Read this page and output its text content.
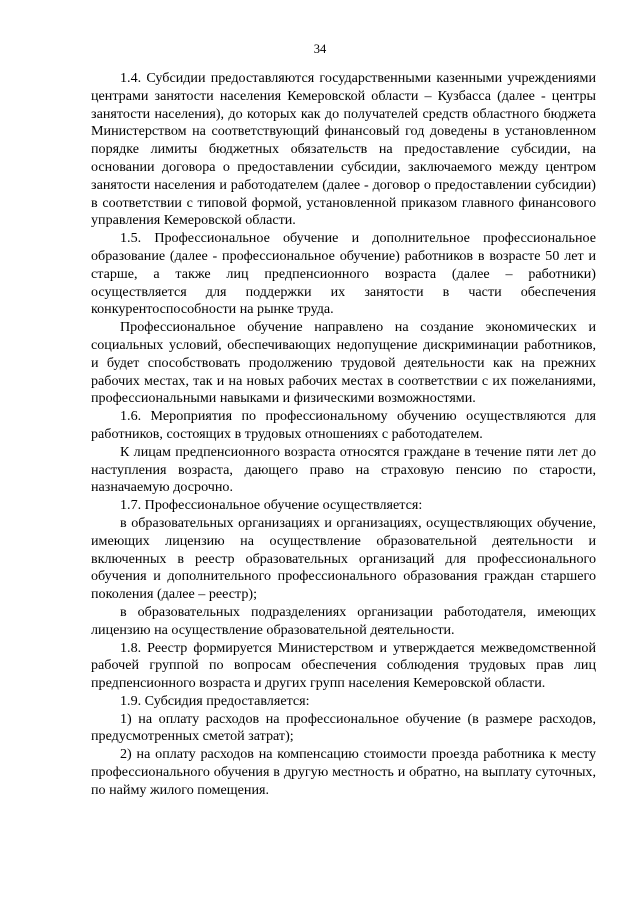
34

1.4. Субсидии предоставляются государственными казенными учреждениями центрами занятости населения Кемеровской области – Кузбасса (далее - центры занятости населения), до которых как до получателей средств областного бюджета Министерством на соответствующий финансовый год доведены в установленном порядке лимиты бюджетных обязательств на предоставление субсидии, на основании договора о предоставлении субсидии, заключаемого между центром занятости населения и работодателем (далее - договор о предоставлении субсидии) в соответствии с типовой формой, установленной приказом главного финансового управления Кемеровской области.

1.5. Профессиональное обучение и дополнительное профессиональное образование (далее - профессиональное обучение) работников в возрасте 50 лет и старше, а также лиц предпенсионного возраста (далее – работники) осуществляется для поддержки их занятости в части обеспечения конкурентоспособности на рынке труда.

Профессиональное обучение направлено на создание экономических и социальных условий, обеспечивающих недопущение дискриминации работников, и будет способствовать продолжению трудовой деятельности как на прежних рабочих местах, так и на новых рабочих местах в соответствии с их пожеланиями, профессиональными навыками и физическими возможностями.

1.6. Мероприятия по профессиональному обучению осуществляются для работников, состоящих в трудовых отношениях с работодателем.

К лицам предпенсионного возраста относятся граждане в течение пяти лет до наступления возраста, дающего право на страховую пенсию по старости, назначаемую досрочно.

1.7. Профессиональное обучение осуществляется:

в образовательных организациях и организациях, осуществляющих обучение, имеющих лицензию на осуществление образовательной деятельности и включенных в реестр образовательных организаций для профессионального обучения и дополнительного профессионального образования граждан старшего поколения (далее – реестр);

в образовательных подразделениях организации работодателя, имеющих лицензию на осуществление образовательной деятельности.

1.8. Реестр формируется Министерством и утверждается межведомственной рабочей группой по вопросам обеспечения соблюдения трудовых прав лиц предпенсионного возраста и других групп населения Кемеровской области.

1.9. Субсидия предоставляется:

1) на оплату расходов на профессиональное обучение (в размере расходов, предусмотренных сметой затрат);

2) на оплату расходов на компенсацию стоимости проезда работника к месту профессионального обучения в другую местность и обратно, на выплату суточных, по найму жилого помещения.
